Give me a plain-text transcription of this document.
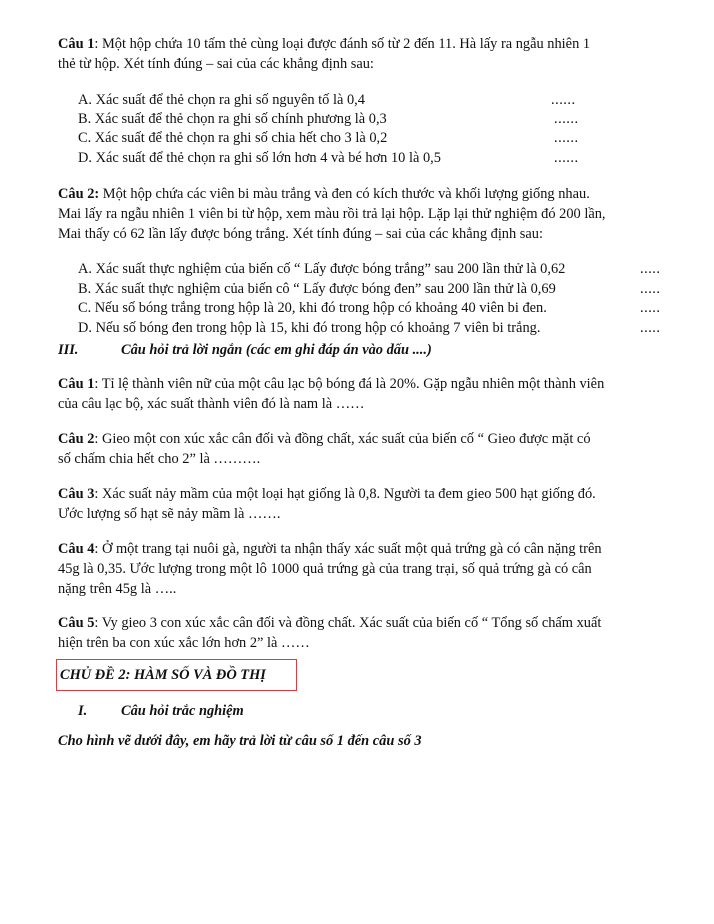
Câu 1: Một hộp chứa 10 tấm thẻ cùng loại được đánh số từ 2 đến 11. Hà lấy ra ngẫu nhiên 1
thẻ từ hộp. Xét tính đúng – sai của các khẳng định sau:
A. Xác suất để thẻ chọn ra ghi số nguyên tố là 0,4	......
B. Xác suất để thẻ chọn ra ghi số chính phương là 0,3	......
C. Xác suất để thẻ chọn ra ghi số chia hết cho 3 là 0,2	......
D. Xác suất để thẻ chọn ra ghi số lớn hơn 4 và bé hơn 10 là 0,5	......
Câu 2: Một hộp chứa các viên bi màu trắng và đen có kích thước và khối lượng giống nhau.
Mai lấy ra ngẫu nhiên 1 viên bi từ hộp, xem màu rồi trả lại hộp. Lặp lại thử nghiệm đó 200 lần,
Mai thấy có 62 lần lấy được bóng trắng. Xét tính đúng – sai của các khẳng định sau:
A. Xác suất thực nghiệm của biến cố “ Lấy được bóng trắng” sau 200 lần thử là 0,62	.....
B. Xác suất thực nghiệm của biến cô “ Lấy được bóng đen” sau 200 lần thử là 0,69	.....
C. Nếu số bóng trắng trong hộp là 20, khi đó trong hộp có khoảng 40 viên bi đen.	.....
D. Nếu số bóng đen trong hộp là 15, khi đó trong hộp có khoảng 7 viên bi trắng.	.....
III.	Câu hỏi trả lời ngắn (các em ghi đáp án vào dấu ....)
Câu 1: Tỉ lệ thành viên nữ của một câu lạc bộ bóng đá là 20%. Gặp ngẫu nhiên một thành viên
của câu lạc bộ, xác suất thành viên đó là nam là ……
Câu 2: Gieo một con xúc xắc cân đối và đồng chất, xác suất của biến cố “ Gieo được mặt có
số chấm chia hết cho 2” là ……….
Câu 3: Xác suất nảy mầm của một loại hạt giống là 0,8. Người ta đem gieo 500 hạt giống đó.
Ước lượng số hạt sẽ nảy mầm là …….
Câu 4: Ở một trang tại nuôi gà, người ta nhận thấy xác suất một quả trứng gà có cân nặng trên
45g là 0,35. Ước lượng trong một lô 1000 quả trứng gà của trang trại, số quả trứng gà có cân
nặng trên 45g là …..
Câu 5: Vy gieo 3 con xúc xắc cân đối và đồng chất. Xác suất của biến cố “ Tổng số chấm xuất
hiện trên ba con xúc xắc lớn hơn 2” là ……
CHỦ ĐỀ 2: HÀM SỐ VÀ ĐỒ THỊ
I. Câu hỏi trắc nghiệm
Cho hình vẽ dưới đây, em hãy trả lời từ câu số 1 đến câu số 3
